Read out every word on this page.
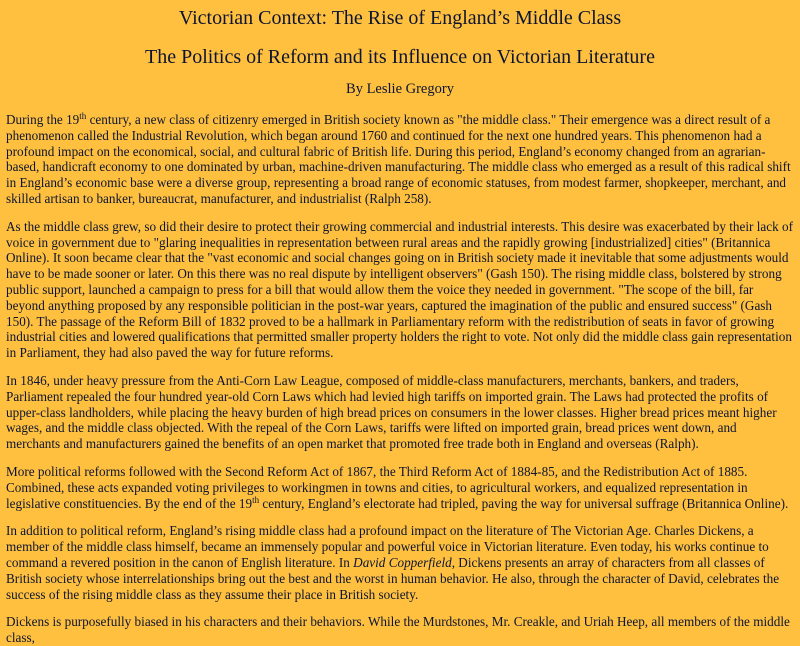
Victorian Context: The Rise of England’s Middle Class
The Politics of Reform and its Influence on Victorian Literature
By Leslie Gregory

During the 19th century, a new class of citizenry emerged in British society known as "the middle class." Their emergence was a direct result of a phenomenon called the Industrial Revolution, which began around 1760 and continued for the next one hundred years. This phenomenon had a profound impact on the economical, social, and cultural fabric of British life. During this period, England’s economy changed from an agrarian-based, handicraft economy to one dominated by urban, machine-driven manufacturing. The middle class who emerged as a result of this radical shift in England’s economic base were a diverse group, representing a broad range of economic statuses, from modest farmer, shopkeeper, merchant, and skilled artisan to banker, bureaucrat, manufacturer, and industrialist (Ralph 258).

As the middle class grew, so did their desire to protect their growing commercial and industrial interests. This desire was exacerbated by their lack of voice in government due to "glaring inequalities in representation between rural areas and the rapidly growing [industrialized] cities" (Britannica Online). It soon became clear that the "vast economic and social changes going on in British society made it inevitable that some adjustments would have to be made sooner or later. On this there was no real dispute by intelligent observers" (Gash 150). The rising middle class, bolstered by strong public support, launched a campaign to press for a bill that would allow them the voice they needed in government. "The scope of the bill, far beyond anything proposed by any responsible politician in the post-war years, captured the imagination of the public and ensured success" (Gash 150). The passage of the Reform Bill of 1832 proved to be a hallmark in Parliamentary reform with the redistribution of seats in favor of growing industrial cities and lowered qualifications that permitted smaller property holders the right to vote. Not only did the middle class gain representation in Parliament, they had also paved the way for future reforms.

In 1846, under heavy pressure from the Anti-Corn Law League, composed of middle-class manufacturers, merchants, bankers, and traders, Parliament repealed the four hundred year-old Corn Laws which had levied high tariffs on imported grain. The Laws had protected the profits of upper-class landholders, while placing the heavy burden of high bread prices on consumers in the lower classes. Higher bread prices meant higher wages, and the middle class objected. With the repeal of the Corn Laws, tariffs were lifted on imported grain, bread prices went down, and merchants and manufacturers gained the benefits of an open market that promoted free trade both in England and overseas (Ralph).

More political reforms followed with the Second Reform Act of 1867, the Third Reform Act of 1884-85, and the Redistribution Act of 1885. Combined, these acts expanded voting privileges to workingmen in towns and cities, to agricultural workers, and equalized representation in legislative constituencies. By the end of the 19th century, England’s electorate had tripled, paving the way for universal suffrage (Britannica Online).

In addition to political reform, England’s rising middle class had a profound impact on the literature of The Victorian Age. Charles Dickens, a member of the middle class himself, became an immensely popular and powerful voice in Victorian literature. Even today, his works continue to command a revered position in the canon of English literature. In David Copperfield, Dickens presents an array of characters from all classes of British society whose interrelationships bring out the best and the worst in human behavior. He also, through the character of David, celebrates the success of the rising middle class as they assume their place in British society.

Dickens is purposefully biased in his characters and their behaviors. While the Murdstones, Mr. Creakle, and Uriah Heep, all members of the middle class,
